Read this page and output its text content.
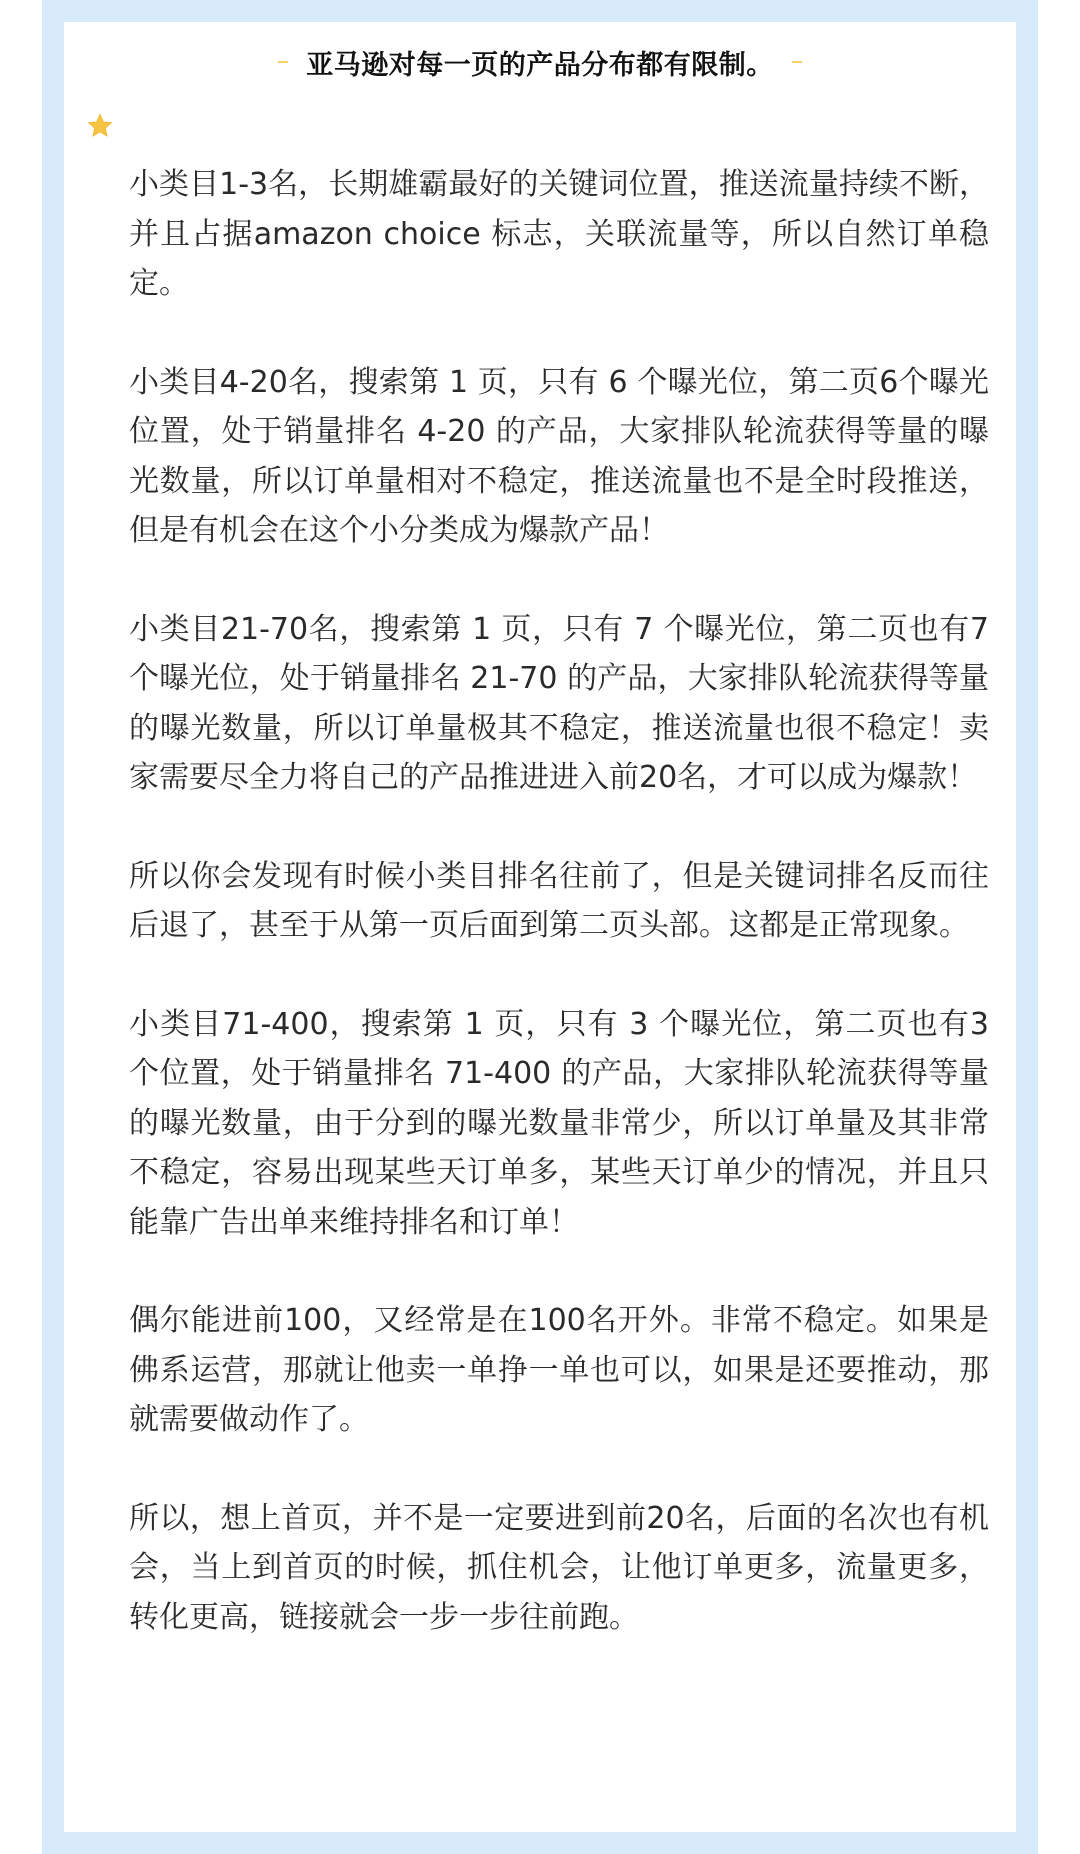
亚马逊对每一页的产品分布都有限制。

小类目1-3名，长期雄霸最好的关键词位置，推送流量持续不断，并且占据amazon choice 标志，关联流量等，所以自然订单稳定。

小类目4-20名，搜索第 1 页，只有 6 个曝光位，第二页6个曝光位置，处于销量排名 4-20 的产品，大家排队轮流获得等量的曝光数量，所以订单量相对不稳定，推送流量也不是全时段推送，但是有机会在这个小分类成为爆款产品！

小类目21-70名，搜索第 1 页，只有 7 个曝光位，第二页也有7个曝光位，处于销量排名 21-70 的产品，大家排队轮流获得等量的曝光数量，所以订单量极其不稳定，推送流量也很不稳定！卖家需要尽全力将自己的产品推进进入前20名，才可以成为爆款！

所以你会发现有时候小类目排名往前了，但是关键词排名反而往后退了，甚至于从第一页后面到第二页头部。这都是正常现象。

小类目71-400，搜索第 1 页，只有 3 个曝光位，第二页也有3个位置，处于销量排名 71-400 的产品，大家排队轮流获得等量的曝光数量，由于分到的曝光数量非常少，所以订单量及其非常不稳定，容易出现某些天订单多，某些天订单少的情况，并且只能靠广告出单来维持排名和订单！

偶尔能进前100，又经常是在100名开外。非常不稳定。如果是佛系运营，那就让他卖一单挣一单也可以，如果是还要推动，那就需要做动作了。

所以，想上首页，并不是一定要进到前20名，后面的名次也有机会，当上到首页的时候，抓住机会，让他订单更多，流量更多，转化更高，链接就会一步一步往前跑。
